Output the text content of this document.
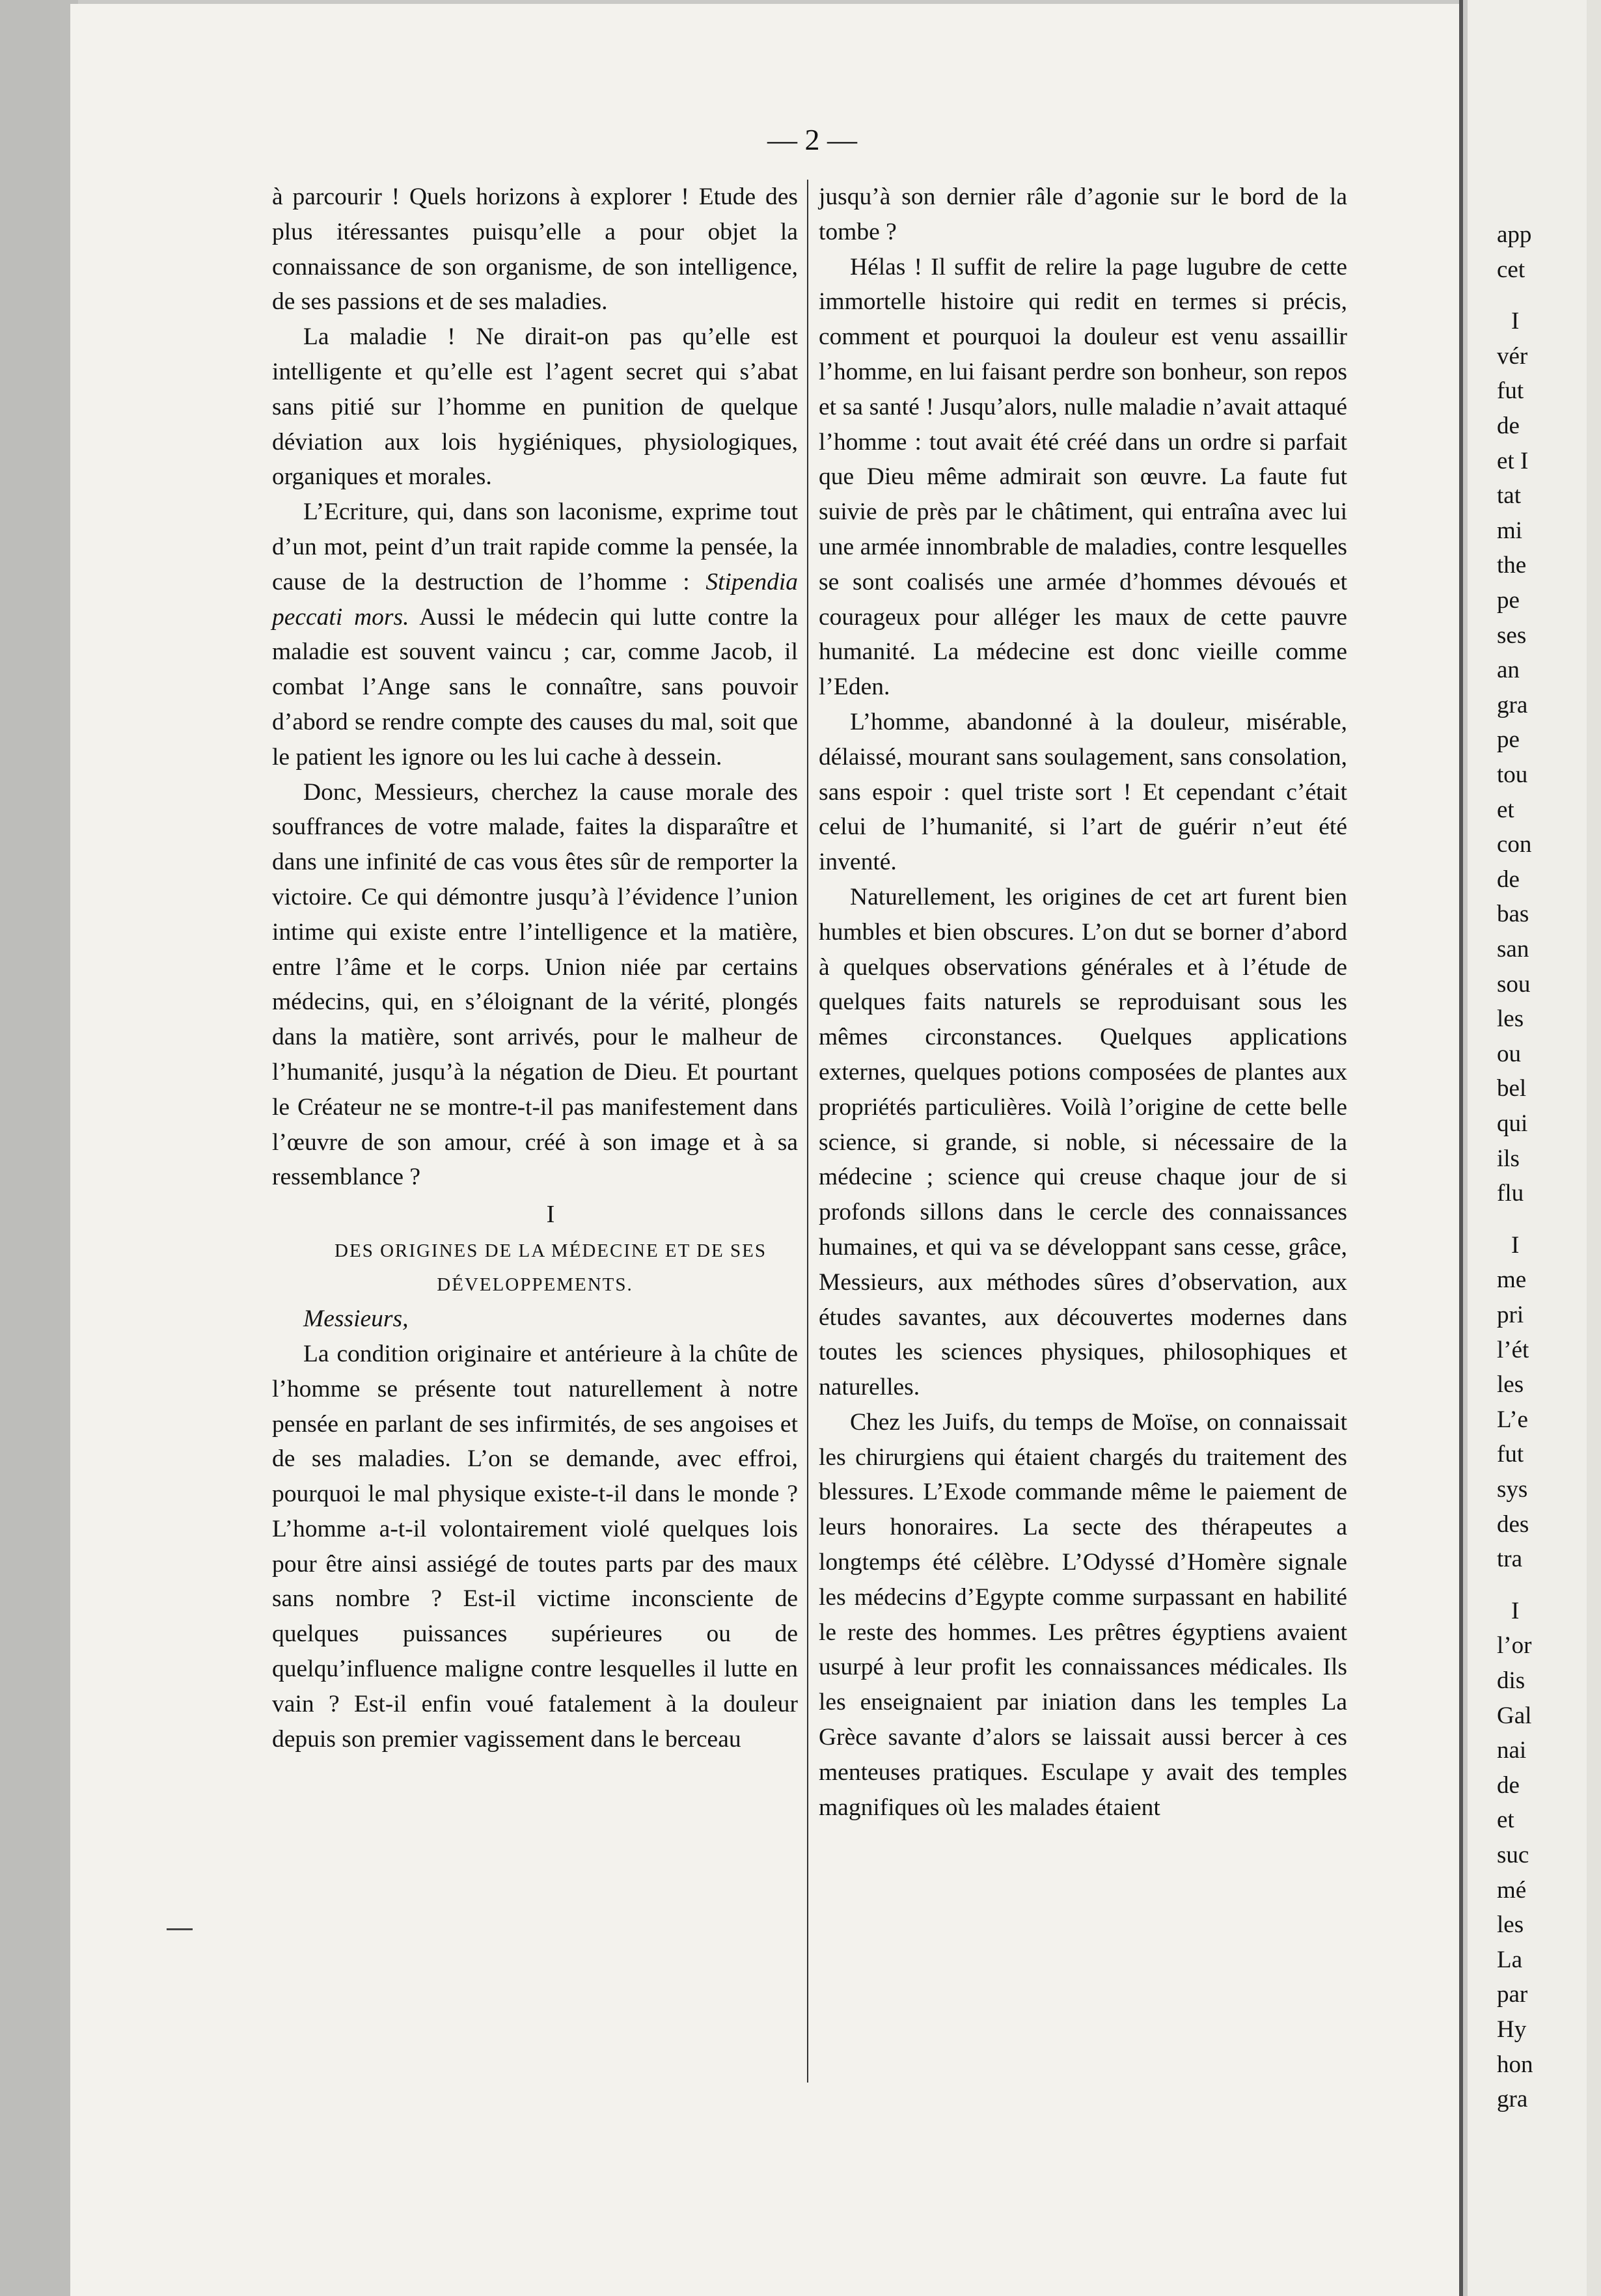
— 2 —

à parcourir ! Quels horizons à explorer ! Etude des plus itéressantes puisqu’elle a pour objet la connaissance de son organisme, de son intelligence, de ses passions et de ses maladies.

La maladie ! Ne dirait-on pas qu’elle est intelligente et qu’elle est l’agent secret qui s’abat sans pitié sur l’homme en punition de quelque déviation aux lois hygiéniques, physiologiques, organiques et morales.

L’Ecriture, qui, dans son laconisme, exprime tout d’un mot, peint d’un trait rapide comme la pensée, la cause de la destruction de l’homme : Stipendia peccati mors. Aussi le médecin qui lutte contre la maladie est souvent vaincu ; car, comme Jacob, il combat l’Ange sans le connaître, sans pouvoir d’abord se rendre compte des causes du mal, soit que le patient les ignore ou les lui cache à dessein.

Donc, Messieurs, cherchez la cause morale des souffrances de votre malade, faites la disparaître et dans une infinité de cas vous êtes sûr de remporter la victoire. Ce qui démontre jusqu’à l’évidence l’union intime qui existe entre l’intelligence et la matière, entre l’âme et le corps. Union niée par certains médecins, qui, en s’éloignant de la vérité, plongés dans la matière, sont arrivés, pour le malheur de l’humanité, jusqu’à la négation de Dieu. Et pourtant le Créateur ne se montre-t-il pas manifestement dans l’œuvre de son amour, créé à son image et à sa ressemblance ?

I

DES ORIGINES DE LA MÉDECINE ET DE SES DÉVELOPPEMENTS.

Messieurs,

La condition originaire et antérieure à la chûte de l’homme se présente tout naturellement à notre pensée en parlant de ses infirmités, de ses angoises et de ses maladies. L’on se demande, avec effroi, pourquoi le mal physique existe-t-il dans le monde ? L’homme a-t-il volontairement violé quelques lois pour être ainsi assiégé de toutes parts par des maux sans nombre ? Est-il victime inconsciente de quelques puissances supérieures ou de quelqu’influence maligne contre lesquelles il lutte en vain ? Est-il enfin voué fatalement à la douleur depuis son premier vagissement dans le berceau

jusqu’à son dernier râle d’agonie sur le bord de la tombe ?

Hélas ! Il suffit de relire la page lugubre de cette immortelle histoire qui redit en termes si précis, comment et pourquoi la douleur est venu assaillir l’homme, en lui faisant perdre son bonheur, son repos et sa santé ! Jusqu’alors, nulle maladie n’avait attaqué l’homme : tout avait été créé dans un ordre si parfait que Dieu même admirait son œuvre. La faute fut suivie de près par le châtiment, qui entraîna avec lui une armée innombrable de maladies, contre lesquelles se sont coalisés une armée d’hommes dévoués et courageux pour alléger les maux de cette pauvre humanité. La médecine est donc vieille comme l’Eden.

L’homme, abandonné à la douleur, misérable, délaissé, mourant sans soulagement, sans consolation, sans espoir : quel triste sort ! Et cependant c’était celui de l’humanité, si l’art de guérir n’eut été inventé.

Naturellement, les origines de cet art furent bien humbles et bien obscures. L’on dut se borner d’abord à quelques observations générales et à l’étude de quelques faits naturels se reproduisant sous les mêmes circonstances. Quelques applications externes, quelques potions composées de plantes aux propriétés particulières. Voilà l’origine de cette belle science, si grande, si noble, si nécessaire de la médecine ; science qui creuse chaque jour de si profonds sillons dans le cercle des connaissances humaines, et qui va se développant sans cesse, grâce, Messieurs, aux méthodes sûres d’observation, aux études savantes, aux découvertes modernes dans toutes les sciences physiques, philosophiques et naturelles.

Chez les Juifs, du temps de Moïse, on connaissait les chirurgiens qui étaient chargés du traitement des blessures. L’Exode commande même le paiement de leurs honoraires. La secte des thérapeutes a longtemps été célèbre. L’Odyssé d’Homère signale les médecins d’Egypte comme surpassant en habilité le reste des hommes. Les prêtres égyptiens avaient usurpé à leur profit les connaissances médicales. Ils les enseignaient par iniation dans les temples La Grèce savante d’alors se laissait aussi bercer à ces menteuses pratiques. Esculape y avait des temples magnifiques où les malades étaient

app
cet
I
vér
fut
de
et I
tat
mi
the
pe
ses
an
gra
pe
tou
et
con
de
bas
san
sou
les
ou
bel
qui
ils
flu
I
me
pri
l’ét
les
L’e
fut
sys
des
tra
I
l’or
dis
Gal
nai
de
et
suc
mé
les
La
par
Hy
hon
gra
